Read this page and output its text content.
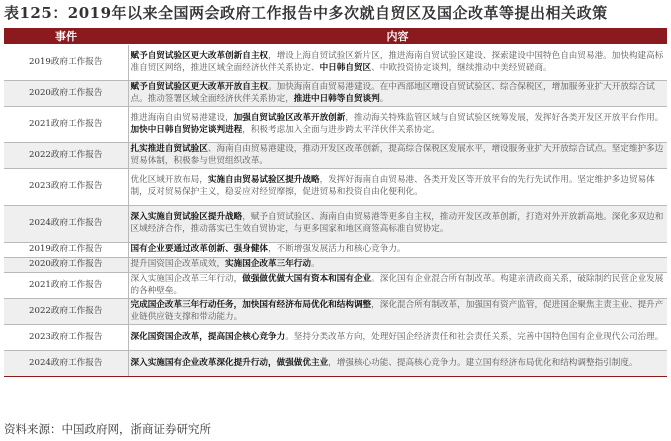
表125：2019年以来全国两会政府工作报告中多次就自贸区及国企改革等提出相关政策
事件	内容
2019政府工作报告	赋予自贸试验区更大改革创新自主权，增设上海自贸试验区新片区，推进海南自贸试验区建设、探索建设中国特色自由贸易港。加快构建高标准自贸区网络，推进区域全面经济伙伴关系协定、中日韩自贸区、中欧投资协定谈判，继续推动中美经贸磋商。
2020政府工作报告	赋予自贸试验区更大改革开放自主权。加快海南自由贸易港建设。在中西部地区增设自贸试验区、综合保税区，增加服务业扩大开放综合试点。推动签署区域全面经济伙伴关系协定，推进中日韩等自贸谈判。
2021政府工作报告	推进海南自由贸易港建设，加强自贸试验区改革开放创新，推动海关特殊监管区域与自贸试验区统筹发展，发挥好各类开发区开放平台作用。加快中日韩自贸协定谈判进程，积极考虑加入全面与进步跨太平洋伙伴关系协定。
2022政府工作报告	扎实推进自贸试验区、海南自由贸易港建设，推动开发区改革创新，提高综合保税区发展水平，增设服务业扩大开放综合试点。坚定维护多边贸易体制，积极参与世贸组织改革。
2023政府工作报告	优化区域开放布局，实施自由贸易试验区提升战略，发挥好海南自由贸易港、各类开发区等开放平台的先行先试作用。坚定维护多边贸易体制，反对贸易保护主义，稳妥应对经贸摩擦，促进贸易和投资自由化便利化。
2024政府工作报告	深入实施自贸试验区提升战略，赋予自贸试验区、海南自由贸易港等更多自主权，推动开发区改革创新，打造对外开放新高地。深化多双边和区域经济合作，推动落实已生效自贸协定，与更多国家和地区商签高标准自贸协定。
2019政府工作报告	国有企业要通过改革创新、强身健体，不断增强发展活力和核心竞争力。
2020政府工作报告	提升国资国企改革成效，实施国企改革三年行动。
2021政府工作报告	深入实施国企改革三年行动，做强做优做大国有资本和国有企业。深化国有企业混合所有制改革。构建亲清政商关系，破除制约民营企业发展的各种壁垒。
2022政府工作报告	完成国企改革三年行动任务，加快国有经济布局优化和结构调整，深化混合所有制改革，加强国有资产监管，促进国企聚焦主责主业、提升产业链供应链支撑和带动能力。
2023政府工作报告	深化国资国企改革，提高国企核心竞争力。坚持分类改革方向，处理好国企经济责任和社会责任关系，完善中国特色国有企业现代公司治理。
2024政府工作报告	深入实施国有企业改革深化提升行动，做强做优主业，增强核心功能、提高核心竞争力。建立国有经济布局优化和结构调整指引制度。
资料来源：中国政府网，浙商证券研究所
